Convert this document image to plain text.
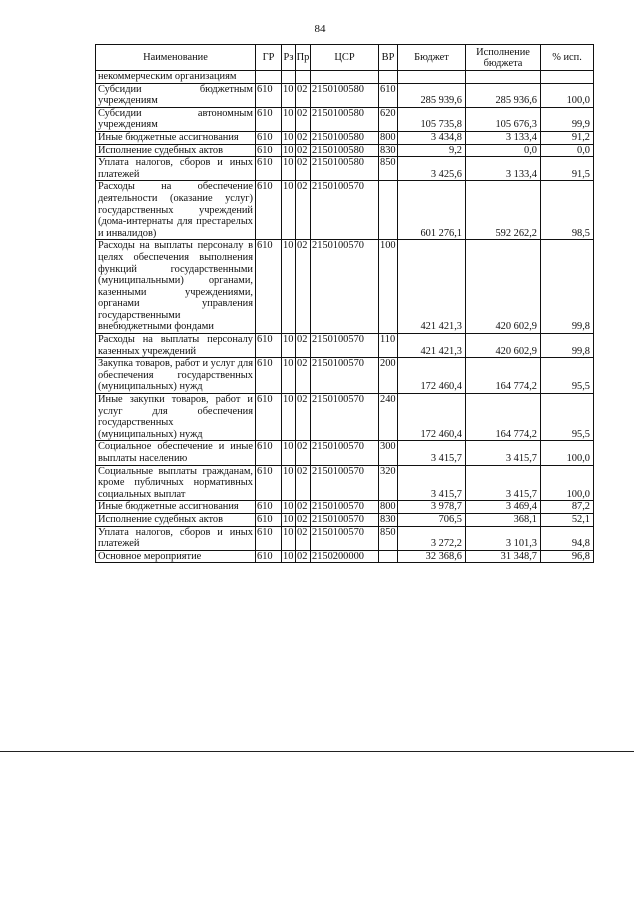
84
Наименование	ГР	Рз	Пр	ЦСР	ВР	Бюджет	Исполнение бюджета	% исп.
некоммерческим организациям								
Субсидии бюджетным учреждениям	610	10	02	2150100580	610	285 939,6	285 936,6	100,0
Субсидии автономным учреждениям	610	10	02	2150100580	620	105 735,8	105 676,3	99,9
Иные бюджетные ассигнования	610	10	02	2150100580	800	3 434,8	3 133,4	91,2
Исполнение судебных актов	610	10	02	2150100580	830	9,2	0,0	0,0
Уплата налогов, сборов и иных платежей	610	10	02	2150100580	850	3 425,6	3 133,4	91,5
Расходы на обеспечение деятельности (оказание услуг) государственных учреждений (дома-интернаты для престарелых и инвалидов)	610	10	02	2150100570		601 276,1	592 262,2	98,5
Расходы на выплаты персоналу в целях обеспечения выполнения функций государственными (муниципальными) органами, казенными учреждениями, органами управления государственными внебюджетными фондами	610	10	02	2150100570	100	421 421,3	420 602,9	99,8
Расходы на выплаты персоналу казенных учреждений	610	10	02	2150100570	110	421 421,3	420 602,9	99,8
Закупка товаров, работ и услуг для обеспечения государственных (муниципальных) нужд	610	10	02	2150100570	200	172 460,4	164 774,2	95,5
Иные закупки товаров, работ и услуг для обеспечения государственных (муниципальных) нужд	610	10	02	2150100570	240	172 460,4	164 774,2	95,5
Социальное обеспечение и иные выплаты населению	610	10	02	2150100570	300	3 415,7	3 415,7	100,0
Социальные выплаты гражданам, кроме публичных нормативных социальных выплат	610	10	02	2150100570	320	3 415,7	3 415,7	100,0
Иные бюджетные ассигнования	610	10	02	2150100570	800	3 978,7	3 469,4	87,2
Исполнение судебных актов	610	10	02	2150100570	830	706,5	368,1	52,1
Уплата налогов, сборов и иных платежей	610	10	02	2150100570	850	3 272,2	3 101,3	94,8
Основное мероприятие	610	10	02	2150200000		32 368,6	31 348,7	96,8
